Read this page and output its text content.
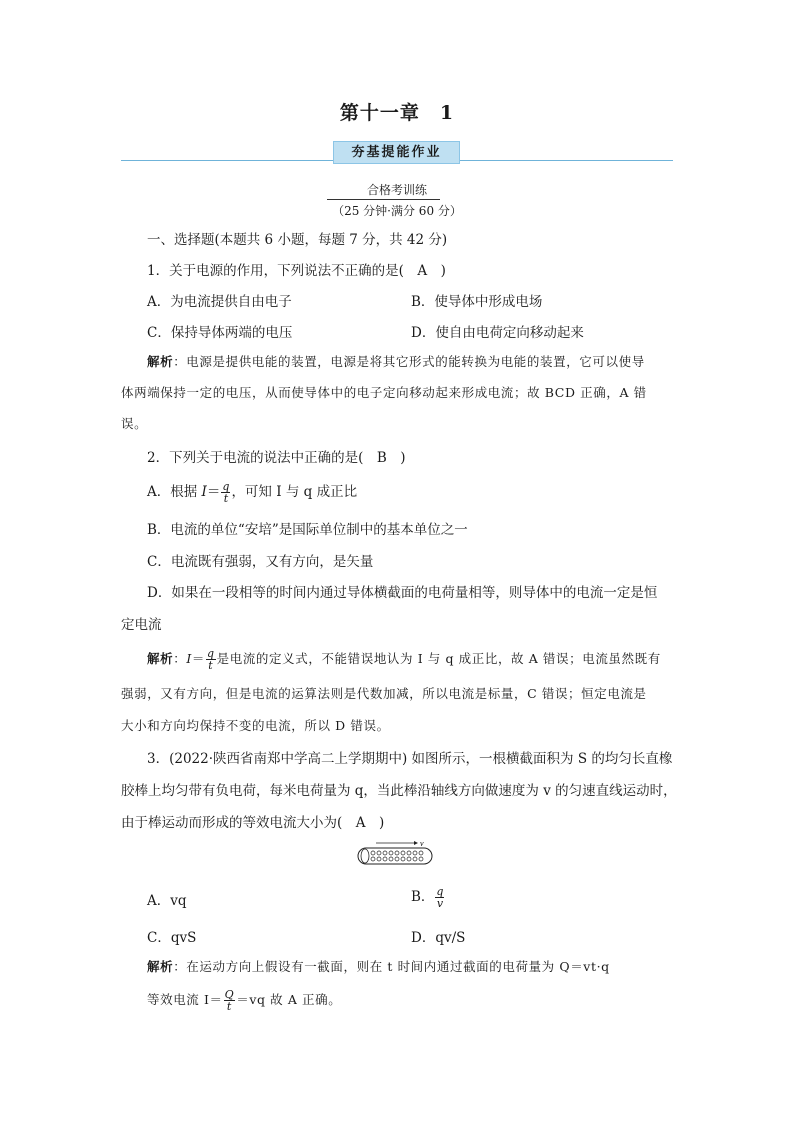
第十一章　1
夯基提能作业
合格考训练
（25 分钟·满分 60 分）
一、选择题(本题共 6 小题，每题 7 分，共 42 分)
1．关于电源的作用，下列说法不正确的是(　A　)
A．为电流提供自由电子	B．使导体中形成电场
C．保持导体两端的电压	D．使自由电荷定向移动起来
解析：电源是提供电能的装置，电源是将其它形式的能转换为电能的装置，它可以使导
体两端保持一定的电压，从而使导体中的电子定向移动起来形成电流；故 BCD 正确，A 错
误。
2．下列关于电流的说法中正确的是(　B　)
A．根据 $I= \frac{q}{t}$ ，可知 I 与 q 成正比
B．电流的单位“安培”是国际单位制中的基本单位之一
C．电流既有强弱，又有方向，是矢量
D．如果在一段相等的时间内通过导体横截面的电荷量相等，则导体中的电流一定是恒
定电流
解析：$I= \frac{q}{t}$ 是电流的定义式，不能错误地认为 I 与 q 成正比，故 A 错误；电流虽然既有
强弱，又有方向，但是电流的运算法则是代数加减，所以电流是标量，C 错误；恒定电流是
大小和方向均保持不变的电流，所以 D 错误。
3．(2022·陕西省南郑中学高二上学期期中) 如图所示，一根横截面积为 S 的均匀长直橡
胶棒上均匀带有负电荷，每米电荷量为 q，当此棒沿轴线方向做速度为 v 的匀速直线运动时，
由于棒运动而形成的等效电流大小为(　A　)
v
A．vq	B． $\frac{q}{v}$
C．qvS	D．qv/S
解析：在运动方向上假设有一截面，则在 t 时间内通过截面的电荷量为 Q＝vt·q
等效电流 $I= \frac{Q}{t} =vq$ 故 A 正确。
